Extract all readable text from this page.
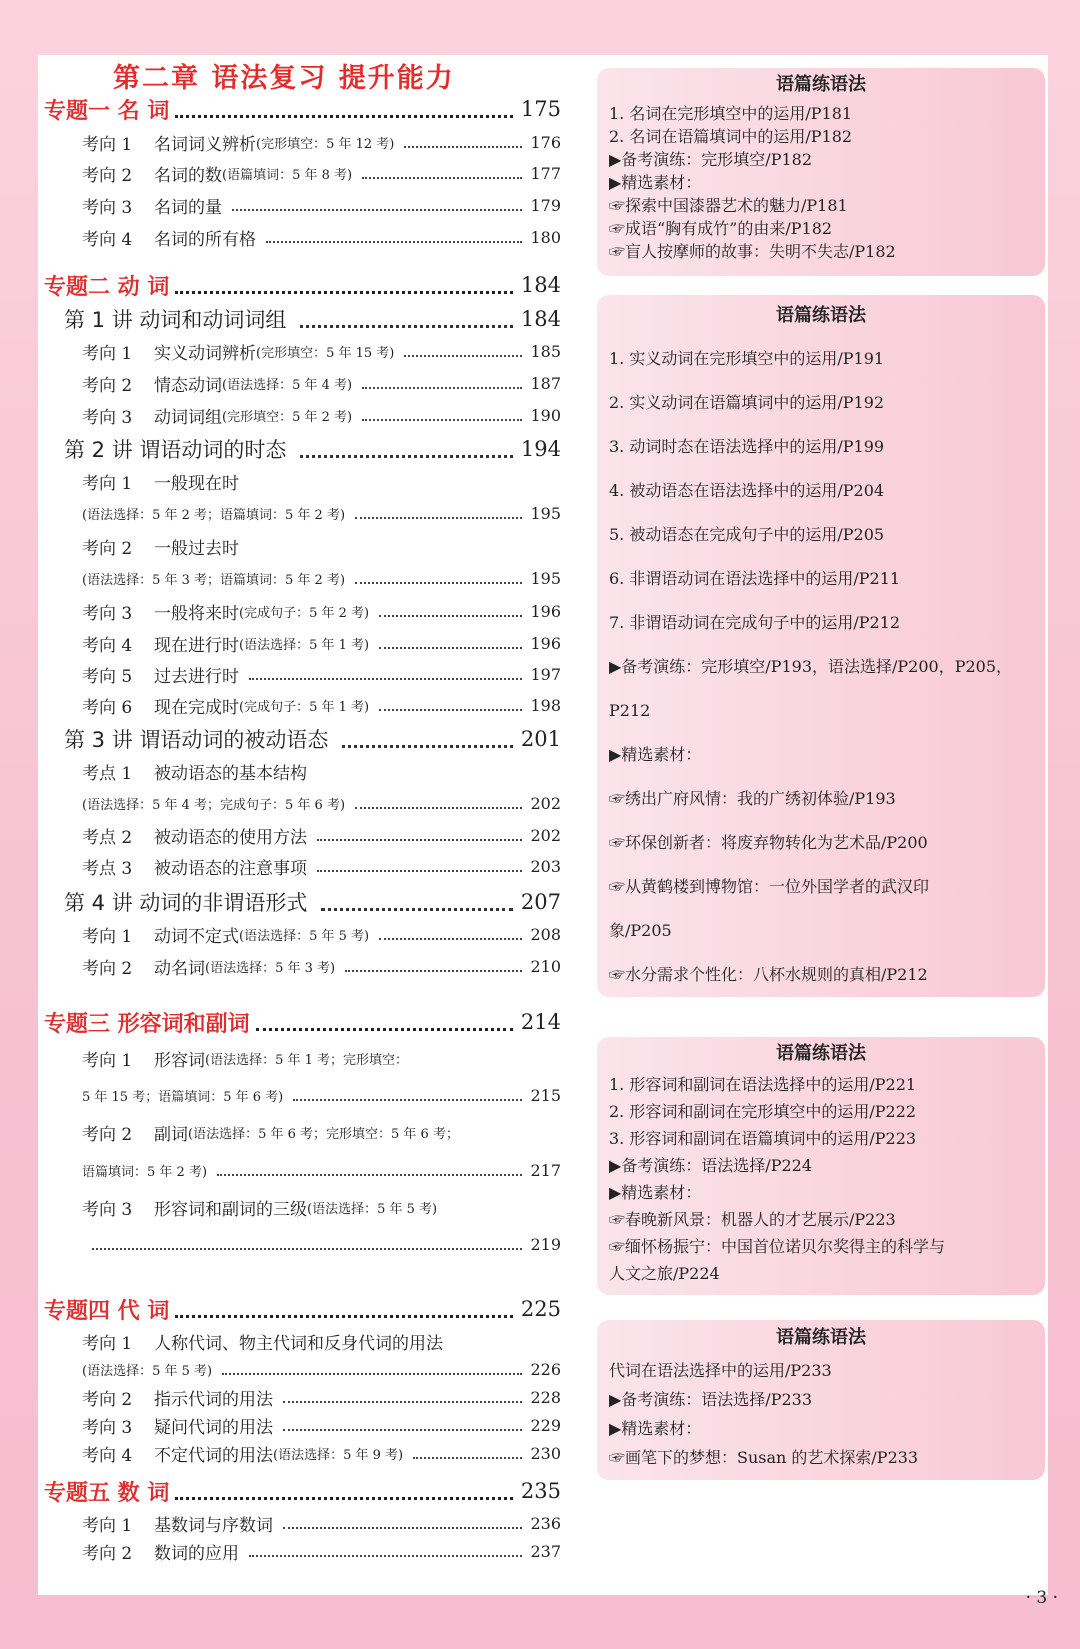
第二章 语法复习 提升能力
专题一 名 词	175
考向 1	名词词义辨析 (完形填空：5 年 12 考)	176
考向 2	名词的数 (语篇填词：5 年 8 考)	177
考向 3	名词的量	179
考向 4	名词的所有格	180
专题二 动 词	184
第 1 讲 动词和动词词组	184
考向 1	实义动词辨析 (完形填空：5 年 15 考)	185
考向 2	情态动词 (语法选择：5 年 4 考)	187
考向 3	动词词组 (完形填空：5 年 2 考)	190
第 2 讲 谓语动词的时态	194
考向 1	一般现在时
(语法选择：5 年 2 考；语篇填词：5 年 2 考)	195
考向 2	一般过去时
(语法选择：5 年 3 考；语篇填词：5 年 2 考)	195
考向 3	一般将来时 (完成句子：5 年 2 考)	196
考向 4	现在进行时 (语法选择：5 年 1 考)	196
考向 5	过去进行时	197
考向 6	现在完成时 (完成句子：5 年 1 考)	198
第 3 讲 谓语动词的被动语态	201
考点 1	被动语态的基本结构
(语法选择：5 年 4 考；完成句子：5 年 6 考)	202
考点 2	被动语态的使用方法	202
考点 3	被动语态的注意事项	203
第 4 讲 动词的非谓语形式	207
考向 1	动词不定式 (语法选择：5 年 5 考)	208
考向 2	动名词 (语法选择：5 年 3 考)	210
专题三 形容词和副词	214
考向 1	形容词 (语法选择：5 年 1 考；完形填空：
5 年 15 考；语篇填词：5 年 6 考)	215
考向 2	副词 (语法选择：5 年 6 考；完形填空：5 年 6 考；
语篇填词：5 年 2 考)	217
考向 3	形容词和副词的三级 (语法选择：5 年 5 考)
219
专题四 代 词	225
考向 1	人称代词、物主代词和反身代词的用法
(语法选择：5 年 5 考)	226
考向 2	指示代词的用法	228
考向 3	疑问代词的用法	229
考向 4	不定代词的用法 (语法选择：5 年 9 考)	230
专题五 数 词	235
考向 1	基数词与序数词	236
考向 2	数词的应用	237
语篇练语法
1. 名词在完形填空中的运用/P181
2. 名词在语篇填词中的运用/P182
▶备考演练：完形填空/P182
▶精选素材：
☞探索中国漆器艺术的魅力/P181
☞成语“胸有成竹”的由来/P182
☞盲人按摩师的故事：失明不失志/P182
语篇练语法
1. 实义动词在完形填空中的运用/P191
2. 实义动词在语篇填词中的运用/P192
3. 动词时态在语法选择中的运用/P199
4. 被动语态在语法选择中的运用/P204
5. 被动语态在完成句子中的运用/P205
6. 非谓语动词在语法选择中的运用/P211
7. 非谓语动词在完成句子中的运用/P212
▶备考演练：完形填空/P193，语法选择/P200，P205，
P212
▶精选素材：
☞绣出广府风情：我的广绣初体验/P193
☞环保创新者：将废弃物转化为艺术品/P200
☞从黄鹤楼到博物馆：一位外国学者的武汉印
象/P205
☞水分需求个性化：八杯水规则的真相/P212
语篇练语法
1. 形容词和副词在语法选择中的运用/P221
2. 形容词和副词在完形填空中的运用/P222
3. 形容词和副词在语篇填词中的运用/P223
▶备考演练：语法选择/P224
▶精选素材：
☞春晚新风景：机器人的才艺展示/P223
☞缅怀杨振宁：中国首位诺贝尔奖得主的科学与
人文之旅/P224
语篇练语法
代词在语法选择中的运用/P233
▶备考演练：语法选择/P233
▶精选素材：
☞画笔下的梦想：Susan 的艺术探索/P233
· 3 ·
